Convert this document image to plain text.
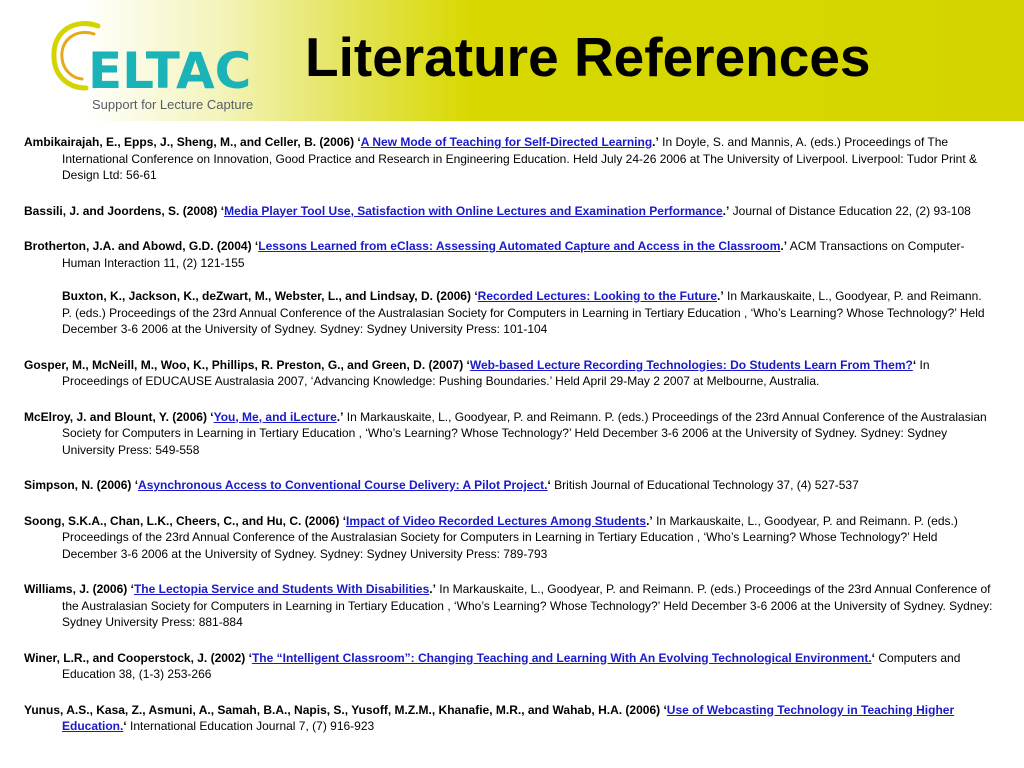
ELTAC
Support for Lecture Capture
Literature References
Ambikairajah, E., Epps, J., Sheng, M., and Celler, B. (2006) ‘A New Mode of Teaching for Self-Directed Learning.’ In Doyle, S. and Mannis, A. (eds.) Proceedings of The International Conference on Innovation, Good Practice and Research in Engineering Education. Held July 24-26 2006 at The University of Liverpool. Liverpool: Tudor Print & Design Ltd: 56-61
Bassili, J. and Joordens, S. (2008) ‘Media Player Tool Use, Satisfaction with Online Lectures and Examination Performance.’ Journal of Distance Education 22, (2) 93-108
Brotherton, J.A. and Abowd, G.D. (2004) ‘Lessons Learned from eClass: Assessing Automated Capture and Access in the Classroom.’ ACM Transactions on Computer-Human Interaction 11, (2) 121-155
Buxton, K., Jackson, K., deZwart, M., Webster, L., and Lindsay, D. (2006) ‘Recorded Lectures: Looking to the Future.’ In Markauskaite, L., Goodyear, P. and Reimann. P. (eds.) Proceedings of the 23rd Annual Conference of the Australasian Society for Computers in Learning in Tertiary Education , ‘Who’s Learning? Whose Technology?’ Held December 3-6 2006 at the University of Sydney. Sydney: Sydney University Press: 101-104
Gosper, M., McNeill, M., Woo, K., Phillips, R. Preston, G., and Green, D. (2007) ‘Web-based Lecture Recording Technologies: Do Students Learn From Them?‘ In Proceedings of EDUCAUSE Australasia 2007, ‘Advancing Knowledge: Pushing Boundaries.’ Held April 29-May 2 2007 at Melbourne, Australia.
McElroy, J. and Blount, Y. (2006) ‘You, Me, and iLecture.’ In Markauskaite, L., Goodyear, P. and Reimann. P. (eds.) Proceedings of the 23rd Annual Conference of the Australasian Society for Computers in Learning in Tertiary Education , ‘Who’s Learning? Whose Technology?’ Held December 3-6 2006 at the University of Sydney. Sydney: Sydney University Press: 549-558
Simpson, N. (2006) ‘Asynchronous Access to Conventional Course Delivery: A Pilot Project.‘ British Journal of Educational Technology 37, (4) 527-537
Soong, S.K.A., Chan, L.K., Cheers, C., and Hu, C. (2006) ‘Impact of Video Recorded Lectures Among Students.’ In Markauskaite, L., Goodyear, P. and Reimann. P. (eds.) Proceedings of the 23rd Annual Conference of the Australasian Society for Computers in Learning in Tertiary Education , ‘Who’s Learning? Whose Technology?’ Held December 3-6 2006 at the University of Sydney. Sydney: Sydney University Press: 789-793
Williams, J. (2006) ‘The Lectopia Service and Students With Disabilities.’ In Markauskaite, L., Goodyear, P. and Reimann. P. (eds.) Proceedings of the 23rd Annual Conference of the Australasian Society for Computers in Learning in Tertiary Education , ‘Who’s Learning? Whose Technology?’ Held December 3-6 2006 at the University of Sydney. Sydney: Sydney University Press: 881-884
Winer, L.R., and Cooperstock, J. (2002) ‘The “Intelligent Classroom”: Changing Teaching and Learning With An Evolving Technological Environment.‘ Computers and Education 38, (1-3) 253-266
Yunus, A.S., Kasa, Z., Asmuni, A., Samah, B.A., Napis, S., Yusoff, M.Z.M., Khanafie, M.R., and Wahab, H.A. (2006) ‘Use of Webcasting Technology in Teaching Higher Education.‘ International Education Journal 7, (7) 916-923
